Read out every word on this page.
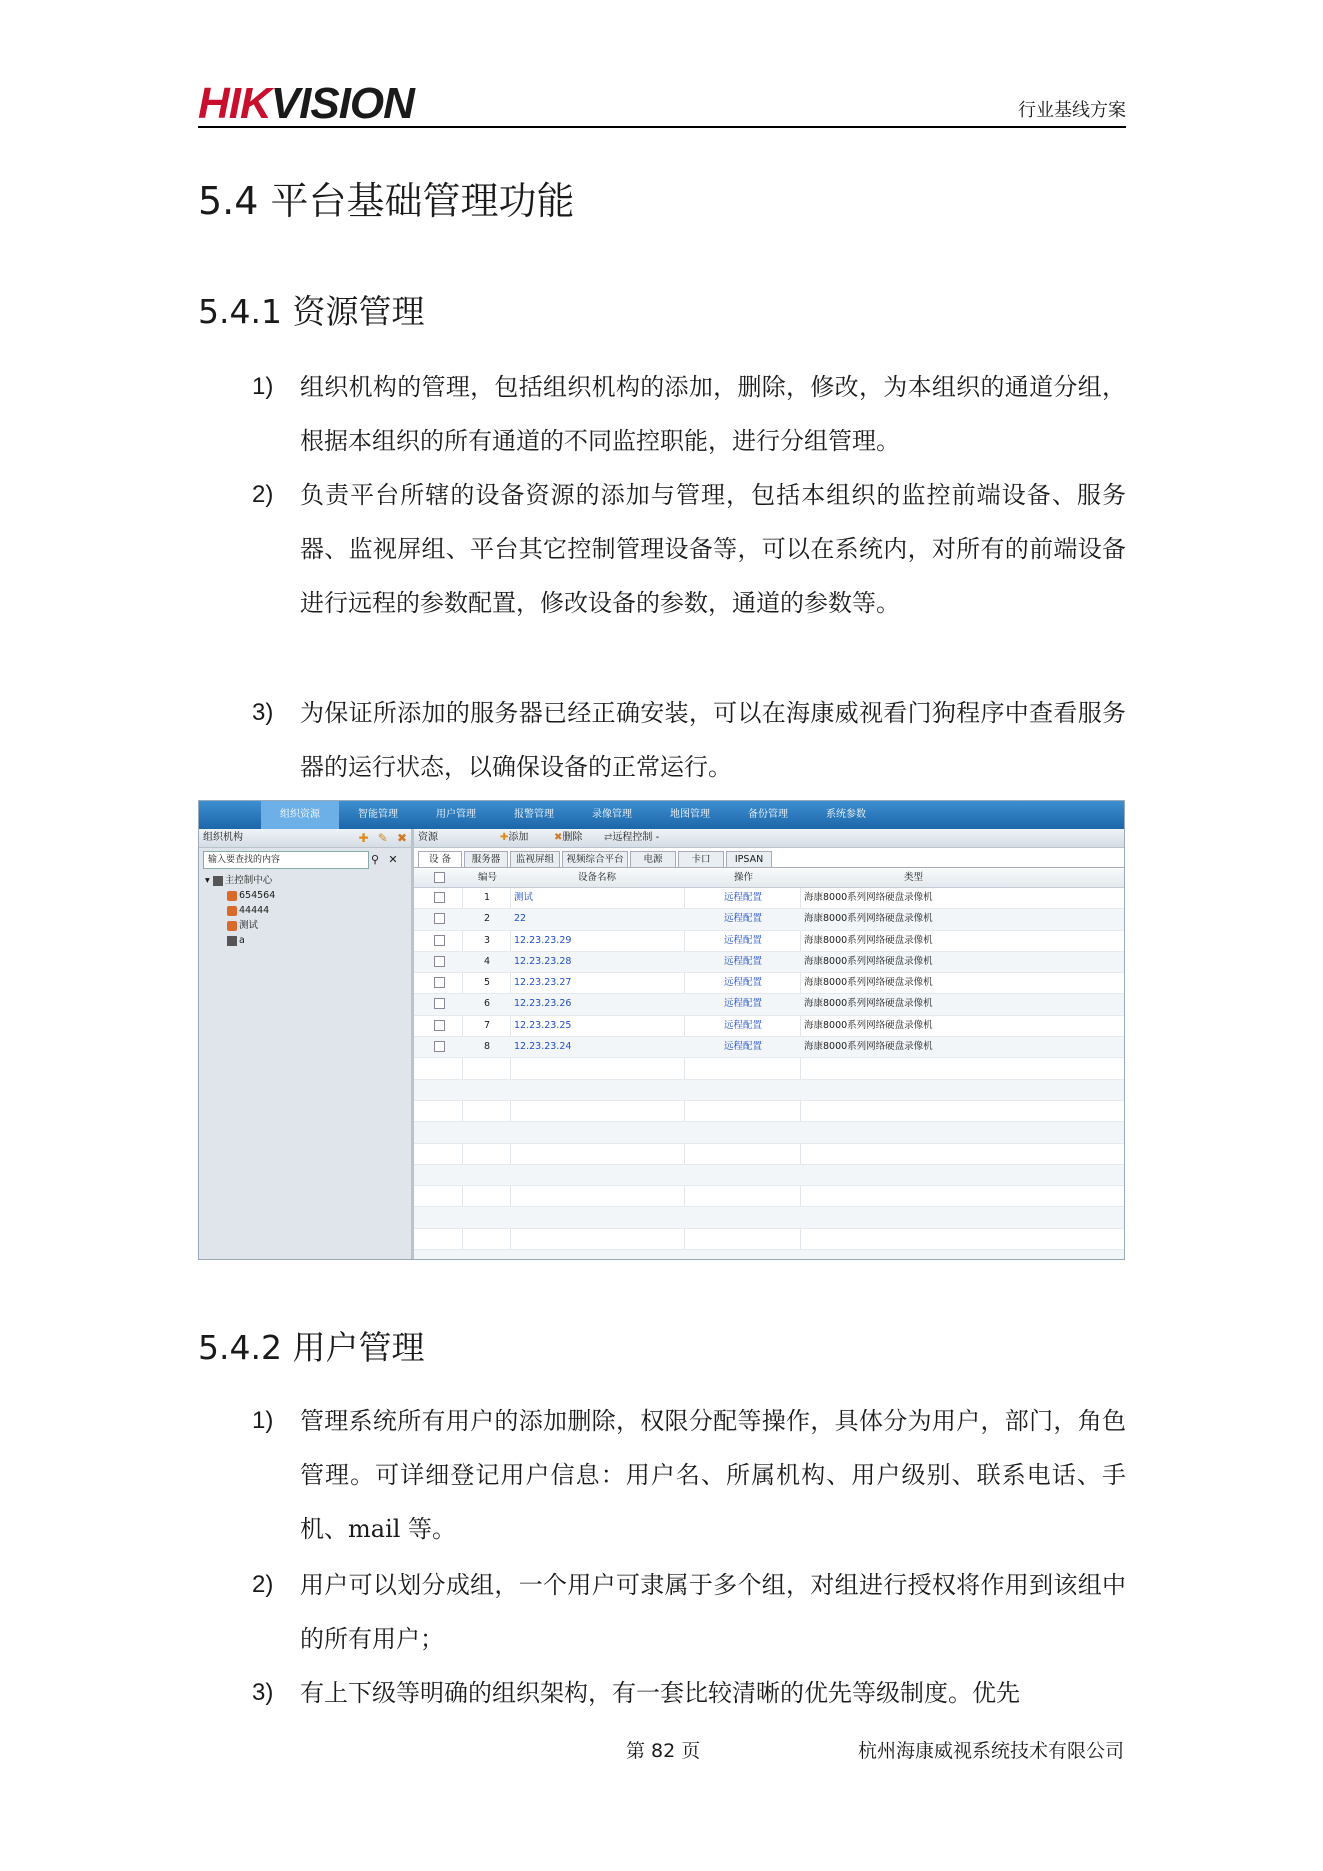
HIKVISION	行业基线方案
5.4 平台基础管理功能
5.4.1 资源管理
1) 组织机构的管理，包括组织机构的添加，删除，修改，为本组织的通道分组，根据本组织的所有通道的不同监控职能，进行分组管理。
2) 负责平台所辖的设备资源的添加与管理，包括本组织的监控前端设备、服务器、监视屏组、平台其它控制管理设备等，可以在系统内，对所有的前端设备进行远程的参数配置，修改设备的参数，通道的参数等。
3) 为保证所添加的服务器已经正确安装，可以在海康威视看门狗程序中查看服务器的运行状态，以确保设备的正常运行。
组织资源	智能管理	用户管理	报警管理	录像管理	地图管理	备份管理	系统参数
组织机构	✚ ✎ ✖
输入要查找的内容	⚲ ✕
▾ 主控制中心
654564
44444
测试
a
资源	✚添加	✖删除 ⇄远程控制 -
设 备	服务器	监视屏组	视频综合平台	电源	卡口	IPSAN
编号	设备名称	操作	类型
1	测试	远程配置	海康8000系列网络硬盘录像机
2	22	远程配置	海康8000系列网络硬盘录像机
3	12.23.23.29	远程配置	海康8000系列网络硬盘录像机
4	12.23.23.28	远程配置	海康8000系列网络硬盘录像机
5	12.23.23.27	远程配置	海康8000系列网络硬盘录像机
6	12.23.23.26	远程配置	海康8000系列网络硬盘录像机
7	12.23.23.25	远程配置	海康8000系列网络硬盘录像机
8	12.23.23.24	远程配置	海康8000系列网络硬盘录像机
5.4.2 用户管理
1) 管理系统所有用户的添加删除，权限分配等操作，具体分为用户，部门，角色管理。可详细登记用户信息：用户名、所属机构、用户级别、联系电话、手机、mail 等。
2) 用户可以划分成组，一个用户可隶属于多个组，对组进行授权将作用到该组中的所有用户；
3) 有上下级等明确的组织架构，有一套比较清晰的优先等级制度。优先
第 82 页	杭州海康威视系统技术有限公司
